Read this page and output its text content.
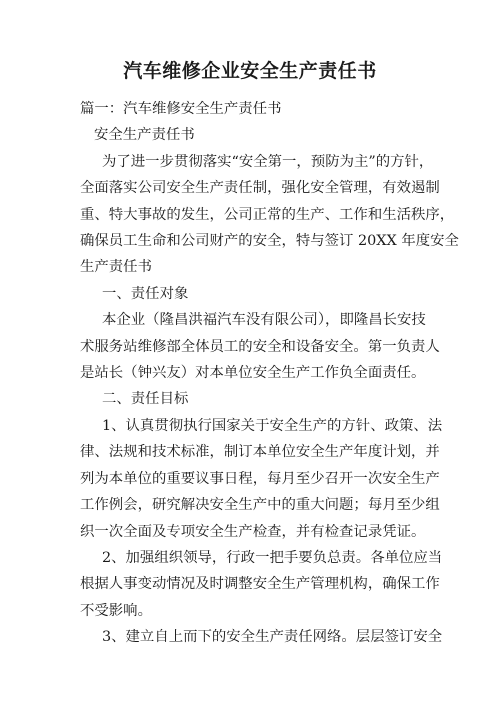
汽车维修企业安全生产责任书

篇一：汽车维修安全生产责任书

安全生产责任书

为了进一步贯彻落实“安全第一，预防为主”的方针，

全面落实公司安全生产责任制，强化安全管理，有效遏制

重、特大事故的发生，公司正常的生产、工作和生活秩序，

确保员工生命和公司财产的安全，特与签订 20XX 年度安全

生产责任书

一、责任对象

本企业（隆昌洪福汽车没有限公司），即隆昌长安技

术服务站维修部全体员工的安全和设备安全。第一负责人

是站长（钟兴友）对本单位安全生产工作负全面责任。

二、责任目标

1、认真贯彻执行国家关于安全生产的方针、政策、法

律、法规和技术标准，制订本单位安全生产年度计划，并

列为本单位的重要议事日程，每月至少召开一次安全生产

工作例会，研究解决安全生产中的重大问题；每月至少组

织一次全面及专项安全生产检查，并有检查记录凭证。

2、加强组织领导，行政一把手要负总责。各单位应当

根据人事变动情况及时调整安全生产管理机构，确保工作

不受影响。

3、建立自上而下的安全生产责任网络。层层签订安全
